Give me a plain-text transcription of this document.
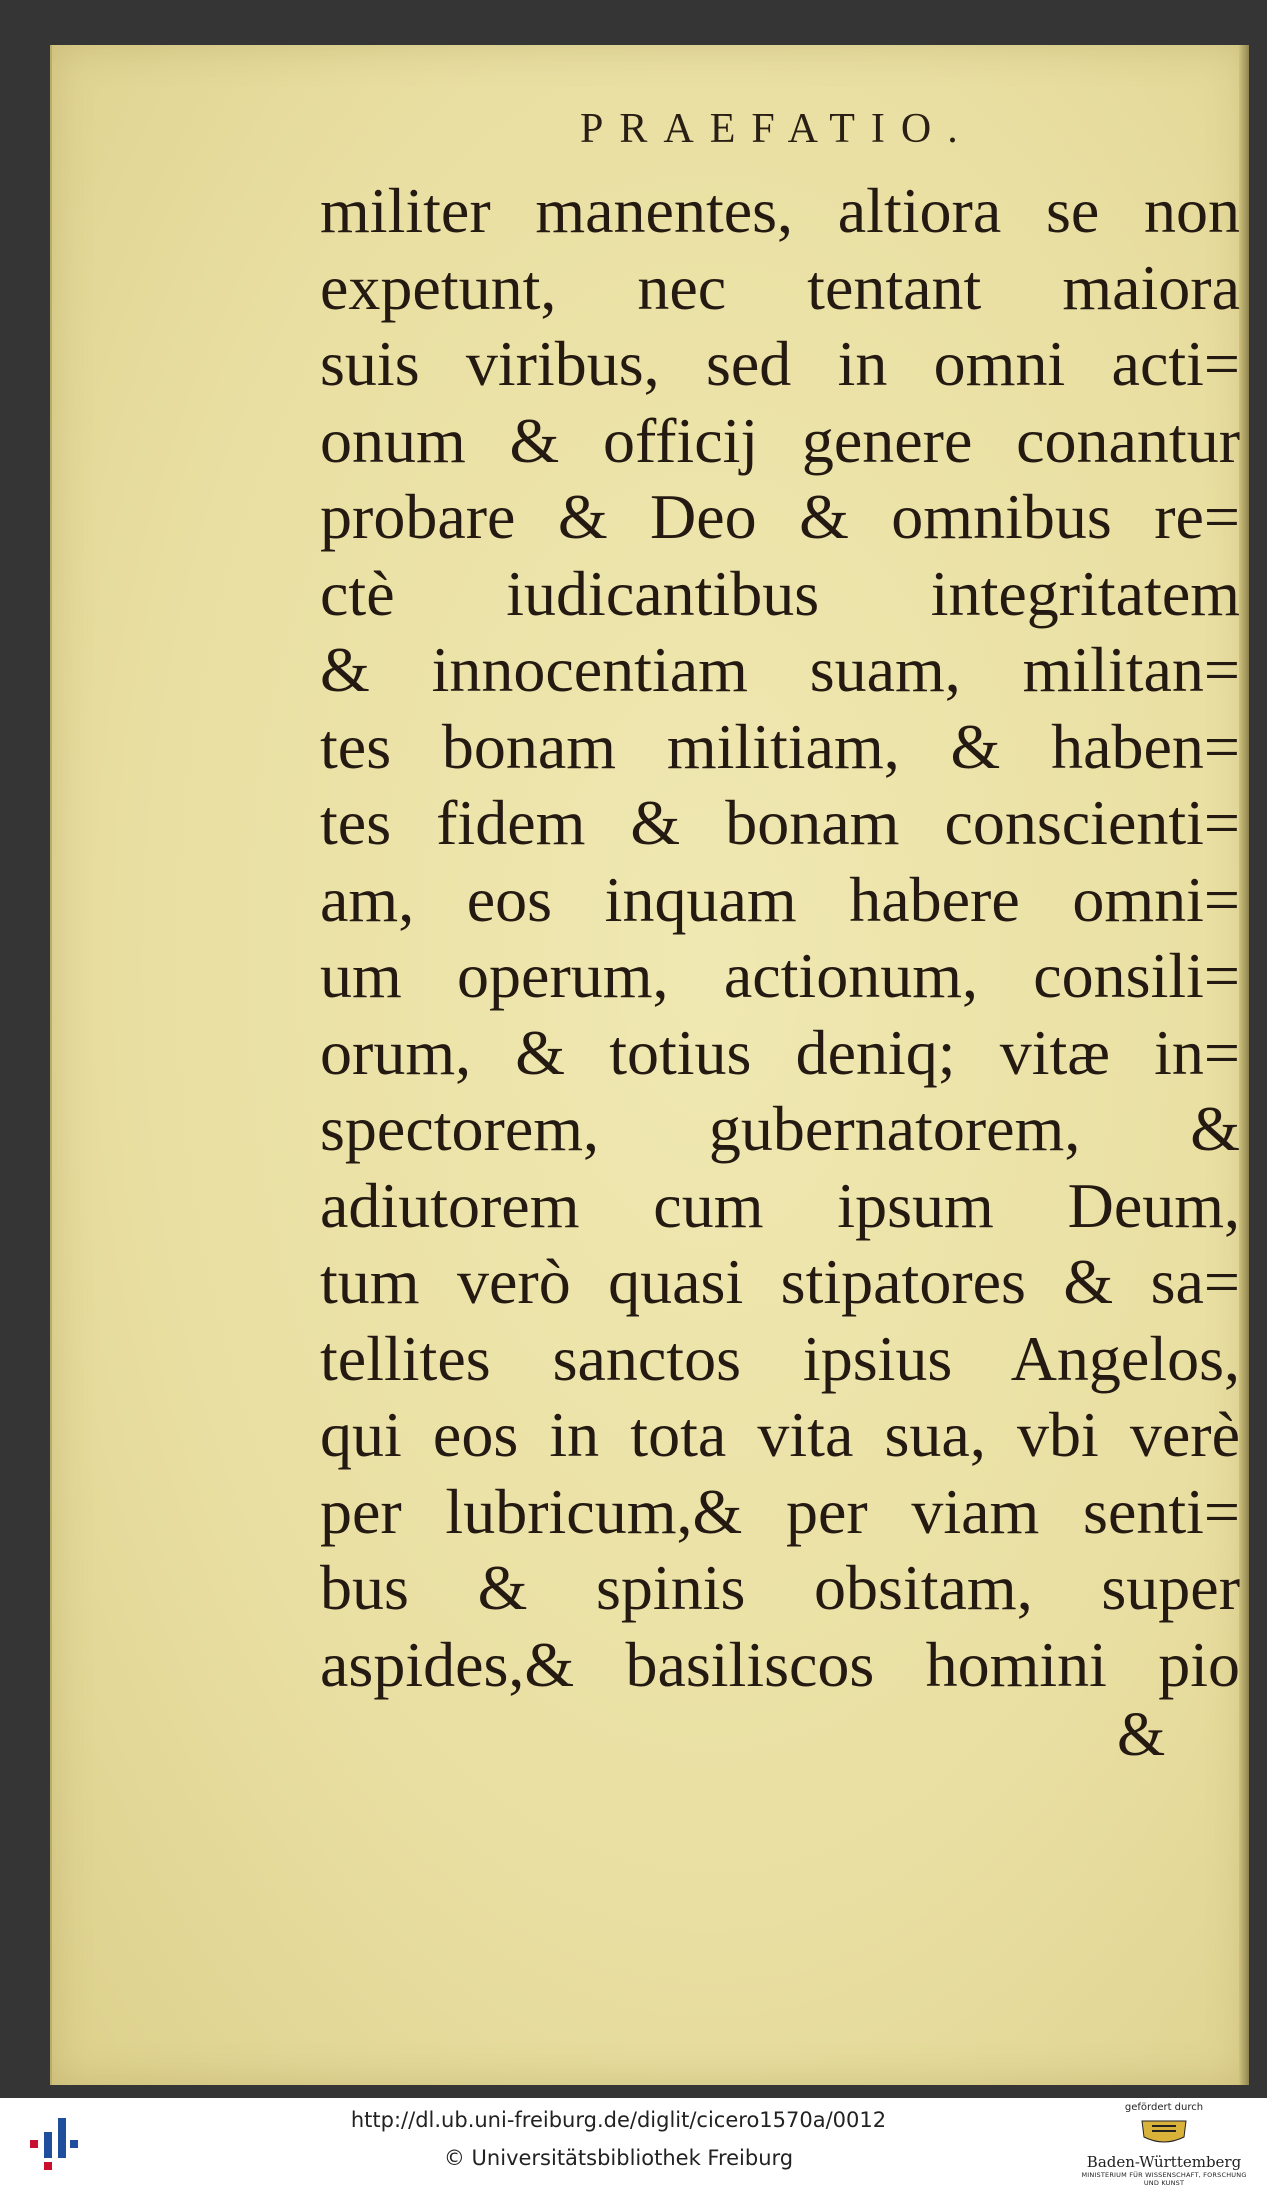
PRAEFATIO.
militer manentes, altiora se non
expetunt, nec tentant maiora
suis viribus, sed in omni acti=
onum & officij genere conantur
probare & Deo & omnibus re=
ctè iudicantibus integritatem
& innocentiam suam, militan=
tes bonam militiam, & haben=
tes fidem & bonam conscienti=
am, eos inquam habere omni=
um operum, actionum, consili=
orum, & totius deniq; vitæ in=
spectorem, gubernatorem, &
adiutorem cum ipsum Deum,
tum verò quasi stipatores & sa=
tellites sanctos ipsius Angelos,
qui eos in tota vita sua, vbi verè
per lubricum,& per viam senti=
bus & spinis obsitam, super
aspides,& basiliscos homini pio
&
http://dl.ub.uni-freiburg.de/diglit/cicero1570a/0012
© Universitätsbibliothek Freiburg
gefördert durch
Baden-Württemberg
MINISTERIUM FÜR WISSENSCHAFT, FORSCHUNG UND KUNST
